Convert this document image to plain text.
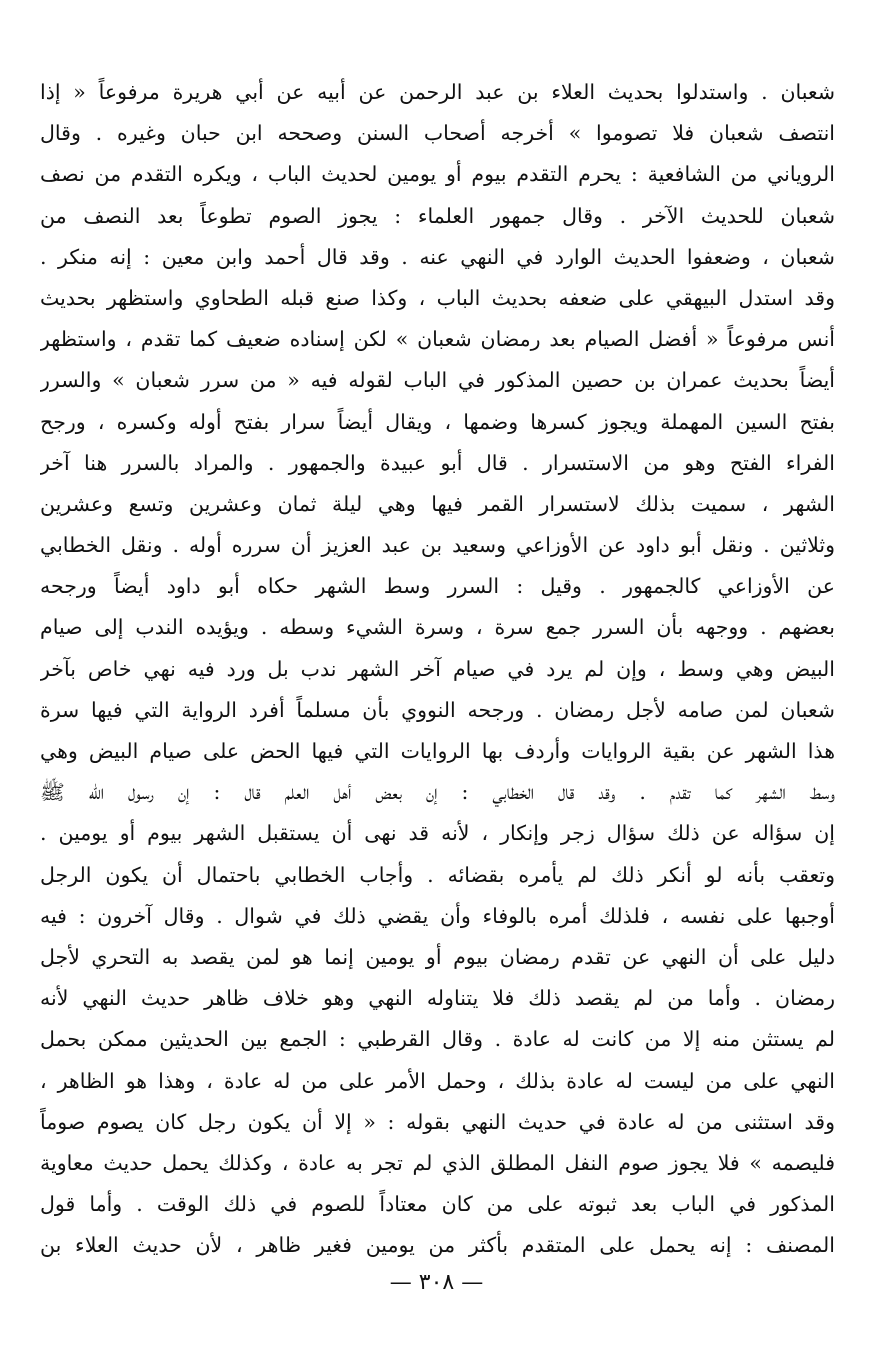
شعبان . واستدلوا بحديث العلاء بن عبد الرحمن عن أبيه عن أبي هريرة مرفوعاً « إذا
انتصف شعبان فلا تصوموا » أخرجه أصحاب السنن وصححه ابن حبان وغيره . وقال
الروياني من الشافعية : يحرم التقدم بيوم أو يومين لحديث الباب ، ويكره التقدم من نصف
شعبان للحديث الآخر . وقال جمهور العلماء : يجوز الصوم تطوعاً بعد النصف من
شعبان ، وضعفوا الحديث الوارد في النهي عنه . وقد قال أحمد وابن معين : إنه منكر .
وقد استدل البيهقي على ضعفه بحديث الباب ، وكذا صنع قبله الطحاوي واستظهر بحديث
أنس مرفوعاً « أفضل الصيام بعد رمضان شعبان » لكن إسناده ضعيف كما تقدم ، واستظهر
أيضاً بحديث عمران بن حصين المذكور في الباب لقوله فيه « من سرر شعبان » والسرر
بفتح السين المهملة ويجوز كسرها وضمها ، ويقال أيضاً سرار بفتح أوله وكسره ، ورجح
الفراء الفتح وهو من الاستسرار . قال أبو عبيدة والجمهور . والمراد بالسرر هنا آخر
الشهر ، سميت بذلك لاستسرار القمر فيها وهي ليلة ثمان وعشرين وتسع وعشرين
وثلاثين . ونقل أبو داود عن الأوزاعي وسعيد بن عبد العزيز أن سرره أوله . ونقل الخطابي
عن الأوزاعي كالجمهور . وقيل : السرر وسط الشهر حكاه أبو داود أيضاً ورجحه
بعضهم . ووجهه بأن السرر جمع سرة ، وسرة الشيء وسطه . ويؤيده الندب إلى صيام
البيض وهي وسط ، وإن لم يرد في صيام آخر الشهر ندب بل ورد فيه نهي خاص بآخر
شعبان لمن صامه لأجل رمضان . ورجحه النووي بأن مسلماً أفرد الرواية التي فيها سرة
هذا الشهر عن بقية الروايات وأردف بها الروايات التي فيها الحض على صيام البيض وهي
وسط الشهر كما تقدم . وقد قال الخطابي : إن بعض أهل العلم قال : إن رسول الله ﷺ
إن سؤاله عن ذلك سؤال زجر وإنكار ، لأنه قد نهى أن يستقبل الشهر بيوم أو يومين .
وتعقب بأنه لو أنكر ذلك لم يأمره بقضائه . وأجاب الخطابي باحتمال أن يكون الرجل
أوجبها على نفسه ، فلذلك أمره بالوفاء وأن يقضي ذلك في شوال . وقال آخرون : فيه
دليل على أن النهي عن تقدم رمضان بيوم أو يومين إنما هو لمن يقصد به التحري لأجل
رمضان . وأما من لم يقصد ذلك فلا يتناوله النهي وهو خلاف ظاهر حديث النهي لأنه
لم يستثن منه إلا من كانت له عادة . وقال القرطبي : الجمع بين الحديثين ممكن بحمل
النهي على من ليست له عادة بذلك ، وحمل الأمر على من له عادة ، وهذا هو الظاهر ،
وقد استثنى من له عادة في حديث النهي بقوله : « إلا أن يكون رجل كان يصوم صوماً
فليصمه » فلا يجوز صوم النفل المطلق الذي لم تجر به عادة ، وكذلك يحمل حديث معاوية
المذكور في الباب بعد ثبوته على من كان معتاداً للصوم في ذلك الوقت . وأما قول
المصنف : إنه يحمل على المتقدم بأكثر من يومين فغير ظاهر ، لأن حديث العلاء بن
— ٣٠٨ —
